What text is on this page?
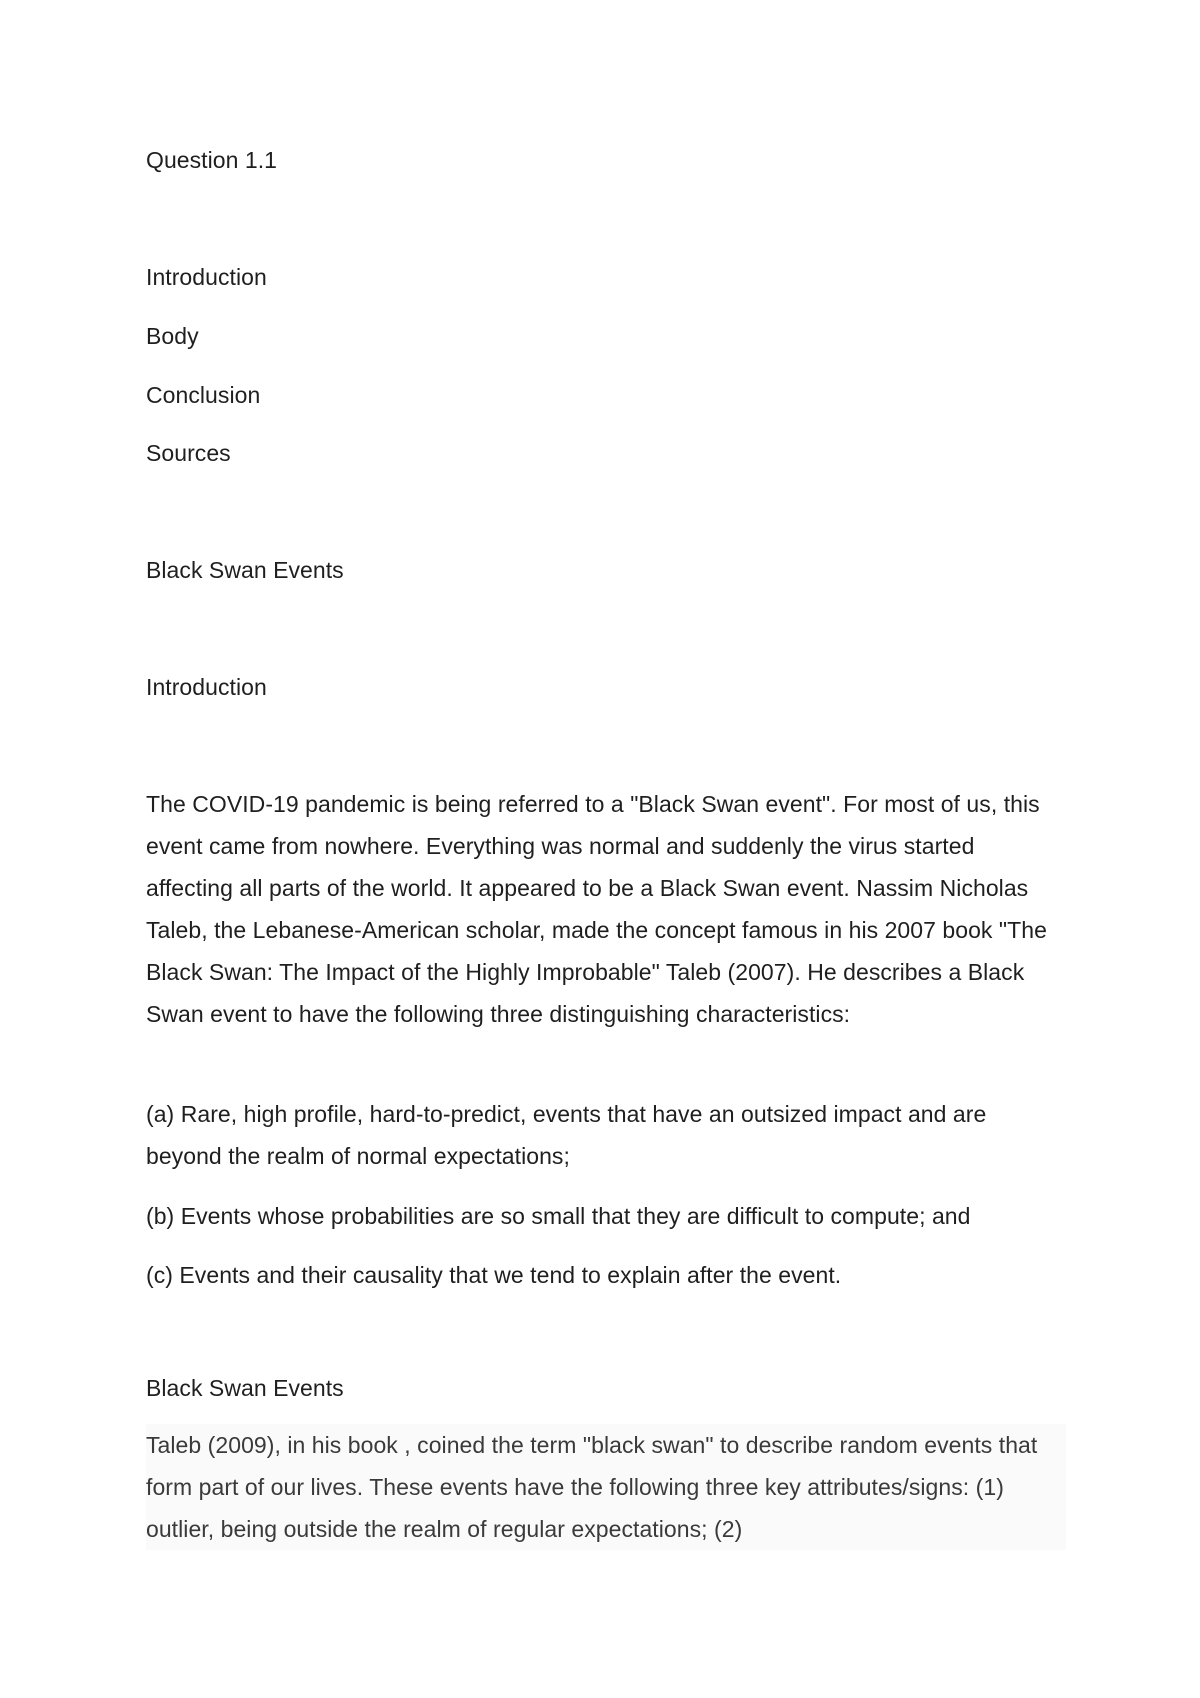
Question 1.1
Introduction
Body
Conclusion
Sources
Black Swan Events
Introduction

The COVID-19 pandemic is being referred to a "Black Swan event". For most of us, this event came from nowhere. Everything was normal and suddenly the virus started affecting all parts of the world. It appeared to be a Black Swan event. Nassim Nicholas Taleb, the Lebanese-American scholar, made the concept famous in his 2007 book "The Black Swan: The Impact of the Highly Improbable" Taleb (2007). He describes a Black Swan event to have the following three distinguishing characteristics:

(a) Rare, high profile, hard-to-predict, events that have an outsized impact and are beyond the realm of normal expectations;

(b) Events whose probabilities are so small that they are difficult to compute; and

(c) Events and their causality that we tend to explain after the event.

Black Swan Events

Taleb (2009), in his book , coined the term "black swan" to describe random events that form part of our lives. These events have the following three key attributes/signs: (1) outlier, being outside the realm of regular expectations; (2)
